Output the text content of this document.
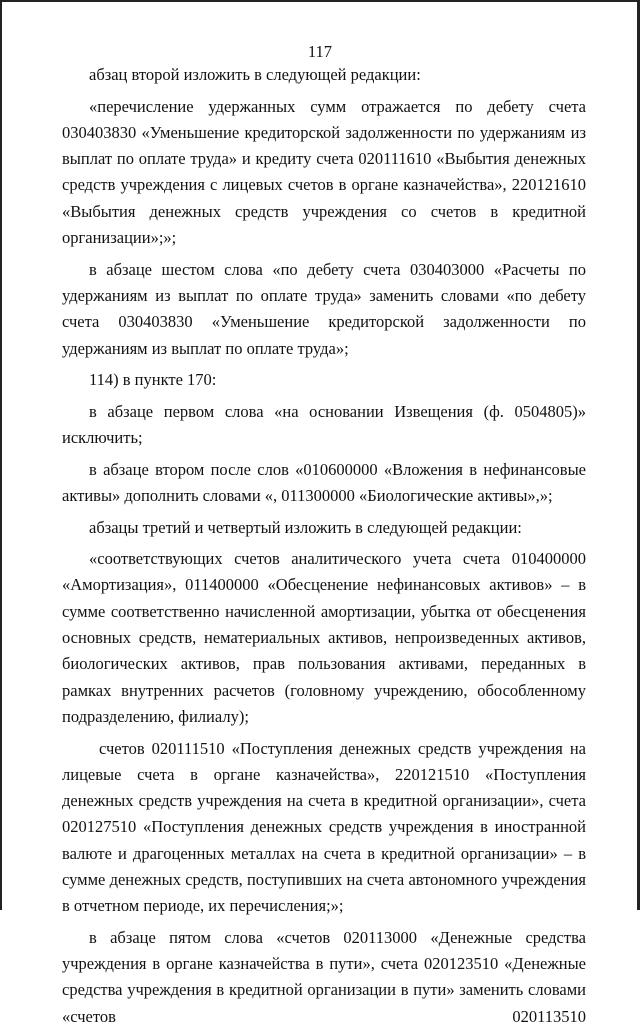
117

абзац второй изложить в следующей редакции:

«перечисление удержанных сумм отражается по дебету счета 030403830 «Уменьшение кредиторской задолженности по удержаниям из выплат по оплате труда» и кредиту счета 020111610 «Выбытия денежных средств учреждения с лицевых счетов в органе казначейства», 220121610 «Выбытия денежных средств учреждения со счетов в кредитной организации»;»;

в абзаце шестом слова «по дебету счета 030403000 «Расчеты по удержаниям из выплат по оплате труда» заменить словами «по дебету счета 030403830 «Уменьшение кредиторской задолженности по удержаниям из выплат по оплате труда»;

114) в пункте 170:

в абзаце первом слова «на основании Извещения (ф. 0504805)» исключить;

в абзаце втором после слов «010600000 «Вложения в нефинансовые активы» дополнить словами «, 011300000 «Биологические активы»,»;

абзацы третий и четвертый изложить в следующей редакции:

«соответствующих счетов аналитического учета счета 010400000 «Амортизация», 011400000 «Обесценение нефинансовых активов» – в сумме соответственно начисленной амортизации, убытка от обесценения основных средств, нематериальных активов, непроизведенных активов, биологических активов, прав пользования активами, переданных в рамках внутренних расчетов (головному учреждению, обособленному подразделению, филиалу);

счетов 020111510 «Поступления денежных средств учреждения на лицевые счета в органе казначейства», 220121510 «Поступления денежных средств учреждения на счета в кредитной организации», счета 020127510 «Поступления денежных средств учреждения в иностранной валюте и драгоценных металлах на счета в кредитной организации» – в сумме денежных средств, поступивших на счета автономного учреждения в отчетном периоде, их перечисления;»;

в абзаце пятом слова «счетов 020113000 «Денежные средства учреждения в органе казначейства в пути», счета 020123510 «Денежные средства учреждения в кредитной организации в пути» заменить словами «счетов 020113510
